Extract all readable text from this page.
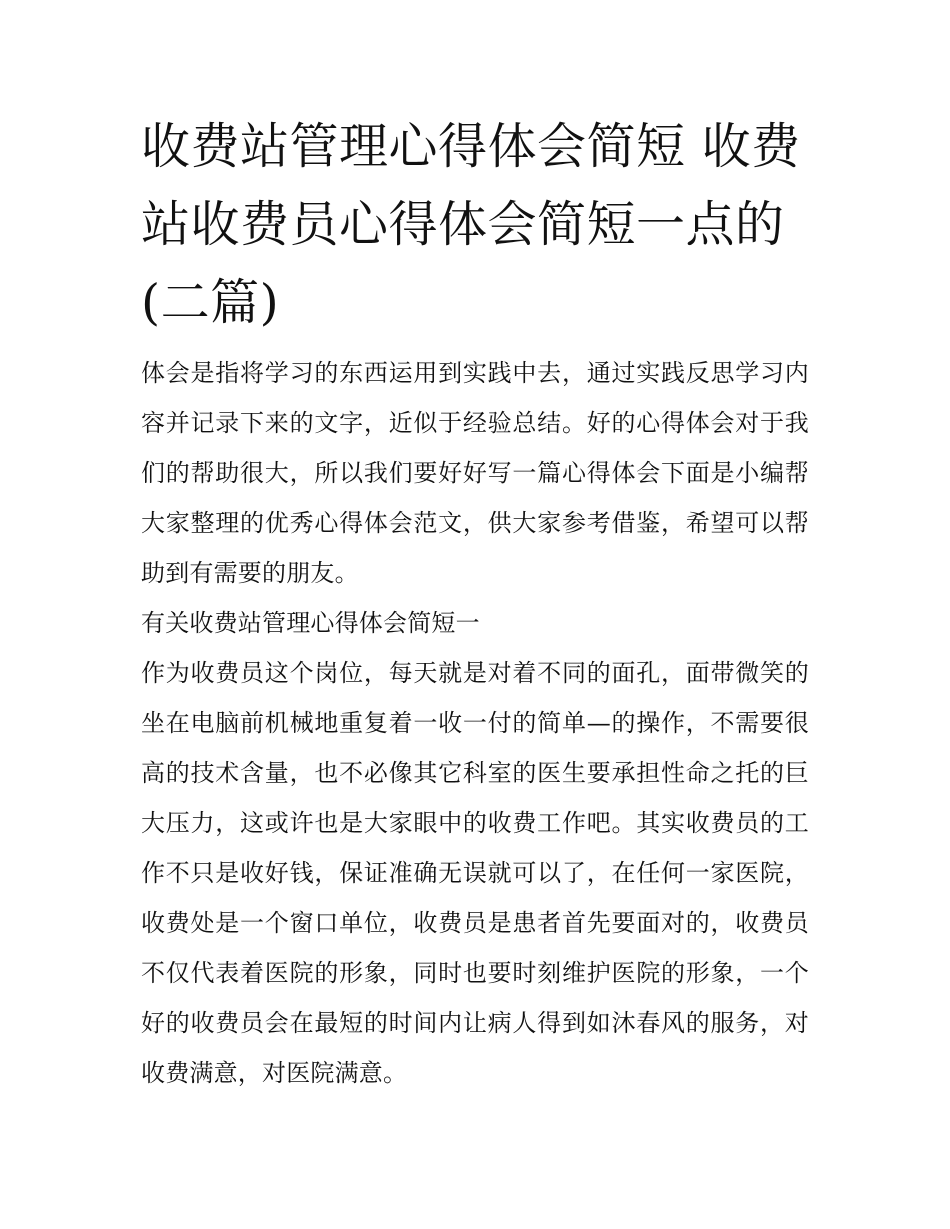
收费站管理心得体会简短 收费
站收费员心得体会简短一点的
(二篇)

体会是指将学习的东西运用到实践中去，通过实践反思学习内容并记录下来的文字，近似于经验总结。好的心得体会对于我们的帮助很大，所以我们要好好写一篇心得体会下面是小编帮大家整理的优秀心得体会范文，供大家参考借鉴，希望可以帮助到有需要的朋友。

有关收费站管理心得体会简短一

作为收费员这个岗位，每天就是对着不同的面孔，面带微笑的坐在电脑前机械地重复着一收一付的简单—的操作，不需要很高的技术含量，也不必像其它科室的医生要承担性命之托的巨大压力，这或许也是大家眼中的收费工作吧。其实收费员的工作不只是收好钱，保证准确无误就可以了，在任何一家医院，收费处是一个窗口单位，收费员是患者首先要面对的，收费员不仅代表着医院的形象，同时也要时刻维护医院的形象，一个好的收费员会在最短的时间内让病人得到如沐春风的服务，对收费满意，对医院满意。
